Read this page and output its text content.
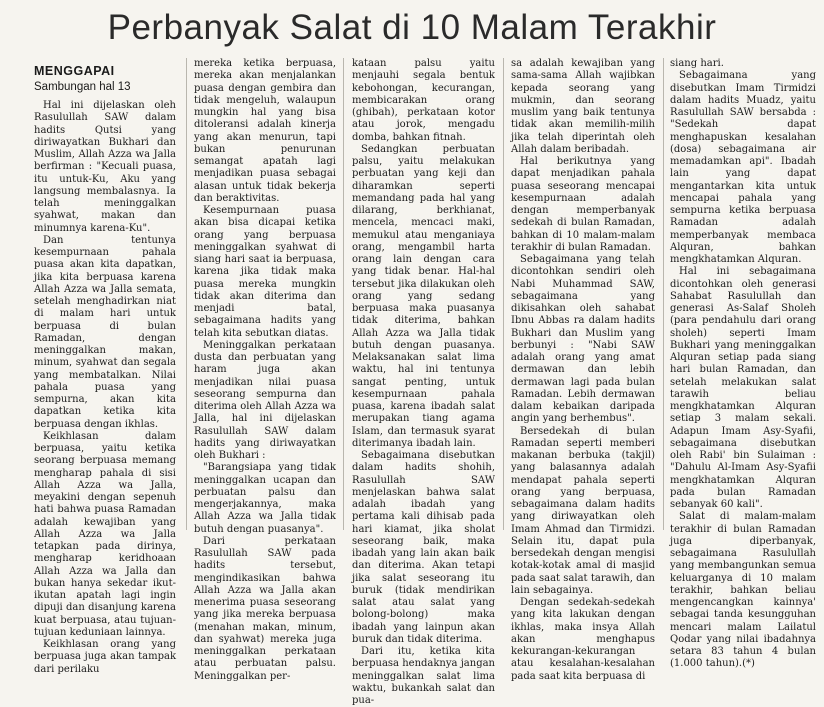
Perbanyak Salat di 10 Malam Terakhir
MENGGAPAI
Sambungan hal 13

Hal ini dijelaskan oleh Rasulullah SAW dalam hadits Qutsi yang diriwayatkan Bukhari dan Muslim, Allah Azza wa Jalla berfirman : "Kecuali puasa, itu untuk-Ku, Aku yang langsung membalasnya. Ia telah meninggalkan syahwat, makan dan minumnya karena-Ku".

Dan tentunya kesempurnaan pahala puasa akan kita dapatkan, jika kita berpuasa karena Allah Azza wa Jalla semata, setelah menghadirkan niat di malam hari untuk berpuasa di bulan Ramadan, dengan meninggalkan makan, minum, syahwat dan segala yang membatalkan. Nilai pahala puasa yang sempurna, akan kita dapatkan ketika kita berpuasa dengan ikhlas.

Keikhlasan dalam berpuasa, yaitu ketika seorang berpuasa memang mengharap pahala di sisi Allah Azza wa Jalla, meyakini dengan sepenuh hati bahwa puasa Ramadan adalah kewajiban yang Allah Azza wa Jalla tetapkan pada dirinya, mengharap keridhoaan Allah Azza wa Jalla dan bukan hanya sekedar ikut-ikutan apatah lagi ingin dipuji dan disanjung karena kuat berpuasa, atau tujuan-tujuan keduniaan lainnya.

Keikhlasan orang yang berpuasa juga akan tampak dari perilaku

mereka ketika berpuasa, mereka akan menjalankan puasa dengan gembira dan tidak mengeluh, walaupun mungkin hal yang bisa ditoleransi adalah kinerja yang akan menurun, tapi bukan penurunan semangat apatah lagi menjadikan puasa sebagai alasan untuk tidak bekerja dan beraktivitas.

Kesempurnaan puasa akan bisa dicapai ketika orang yang berpuasa meninggalkan syahwat di siang hari saat ia berpuasa, karena jika tidak maka puasa mereka mungkin tidak akan diterima dan menjadi batal, sebagaimana hadits yang telah kita sebutkan diatas.

Meninggalkan perkataan dusta dan perbuatan yang haram juga akan menjadikan nilai puasa seseorang sempurna dan diterima oleh Allah Azza wa Jalla, hal ini dijelaskan Rasulullah SAW dalam hadits yang diriwayatkan oleh Bukhari :

"Barangsiapa yang tidak meninggalkan ucapan dan perbuatan palsu dan mengerjakannya, maka Allah Azza wa Jalla tidak butuh dengan puasanya".

Dari perkataan Rasulullah SAW pada hadits tersebut, mengindikasikan bahwa Allah Azza wa Jalla akan menerima puasa seseorang yang jika mereka berpuasa (menahan makan, minum, dan syahwat) mereka juga meninggalkan perkataan atau perbuatan palsu. Meninggalkan per-

kataan palsu yaitu menjauhi segala bentuk kebohongan, kecurangan, membicarakan orang (ghibah), perkataan kotor atau jorok, mengadu domba, bahkan fitnah.

Sedangkan perbuatan palsu, yaitu melakukan perbuatan yang keji dan diharamkan seperti memandang pada hal yang dilarang, berkhianat, mencela, mencaci maki, memukul atau menganiaya orang, mengambil harta orang lain dengan cara yang tidak benar. Hal-hal tersebut jika dilakukan oleh orang yang sedang berpuasa maka puasanya tidak diterima, bahkan Allah Azza wa Jalla tidak butuh dengan puasanya. Melaksanakan salat lima waktu, hal ini tentunya sangat penting, untuk kesempurnaan pahala puasa, karena ibadah salat merupakan tiang agama Islam, dan termasuk syarat diterimanya ibadah lain.

Sebagaimana disebutkan dalam hadits shohih, Rasulullah SAW menjelaskan bahwa salat adalah ibadah yang pertama kali dihisab pada hari kiamat, jika sholat seseorang baik, maka ibadah yang lain akan baik dan diterima. Akan tetapi jika salat seseorang itu buruk (tidak mendirikan salat atau salat yang bolong-bolong) maka ibadah yang lainpun akan buruk dan tidak diterima.

Dari itu, ketika kita berpuasa hendaknya jangan meninggalkan salat lima waktu, bukankah salat dan pua-

sa adalah kewajiban yang sama-sama Allah wajibkan kepada seorang yang mukmin, dan seorang muslim yang baik tentunya tidak akan memilih-milih jika telah diperintah oleh Allah dalam beribadah.

Hal berikutnya yang dapat menjadikan pahala puasa seseorang mencapai kesempurnaan adalah dengan memperbanyak sedekah di bulan Ramadan, bahkan di 10 malam-malam terakhir di bulan Ramadan.

Sebagaimana yang telah dicontohkan sendiri oleh Nabi Muhammad SAW, sebagaimana yang dikisahkan oleh sahabat Ibnu Abbas ra dalam hadits Bukhari dan Muslim yang berbunyi : "Nabi SAW adalah orang yang amat dermawan dan lebih dermawan lagi pada bulan Ramadan. Lebih dermawan dalam kebaikan daripada angin yang berhembus".

Bersedekah di bulan Ramadan seperti memberi makanan berbuka (takjil) yang balasannya adalah mendapat pahala seperti orang yang berpuasa, sebagaimana dalam hadits yang diriwayatkan oleh Imam Ahmad dan Tirmidzi. Selain itu, dapat pula bersedekah dengan mengisi kotak-kotak amal di masjid pada saat salat tarawih, dan lain sebagainya.

Dengan sedekah-sedekah yang kita lakukan dengan ikhlas, maka insya Allah akan menghapus kekurangan-kekurangan atau kesalahan-kesalahan pada saat kita berpuasa di

siang hari.

Sebagaimana yang disebutkan Imam Tirmidzi dalam hadits Muadz, yaitu Rasulullah SAW bersabda : "Sedekah dapat menghapuskan kesalahan (dosa) sebagaimana air memadamkan api". Ibadah lain yang dapat mengantarkan kita untuk mencapai pahala yang sempurna ketika berpuasa Ramadan adalah memperbanyak membaca Alquran, bahkan mengkhatamkan Alquran.

Hal ini sebagaimana dicontohkan oleh generasi Sahabat Rasulullah dan generasi As-Salaf Sholeh (para pendahulu dari orang sholeh) seperti Imam Bukhari yang meninggalkan Alquran setiap pada siang hari bulan Ramadan, dan setelah melakukan salat tarawih beliau mengkhatamkan Alquran setiap 3 malam sekali. Adapun Imam Asy-Syafii, sebagaimana disebutkan oleh Rabi' bin Sulaiman : "Dahulu Al-Imam Asy-Syafii mengkhatamkan Alquran pada bulan Ramadan sebanyak 60 kali".

Salat di malam-malam terakhir di bulan Ramadan juga diperbanyak, sebagaimana Rasulullah yang membangunkan semua keluarganya di 10 malam terakhir, bahkan beliau mengencangkan kainnya' sebagai tanda kesungguhan mencari malam Lailatul Qodar yang nilai ibadahnya setara 83 tahun 4 bulan (1.000 tahun).(*)
